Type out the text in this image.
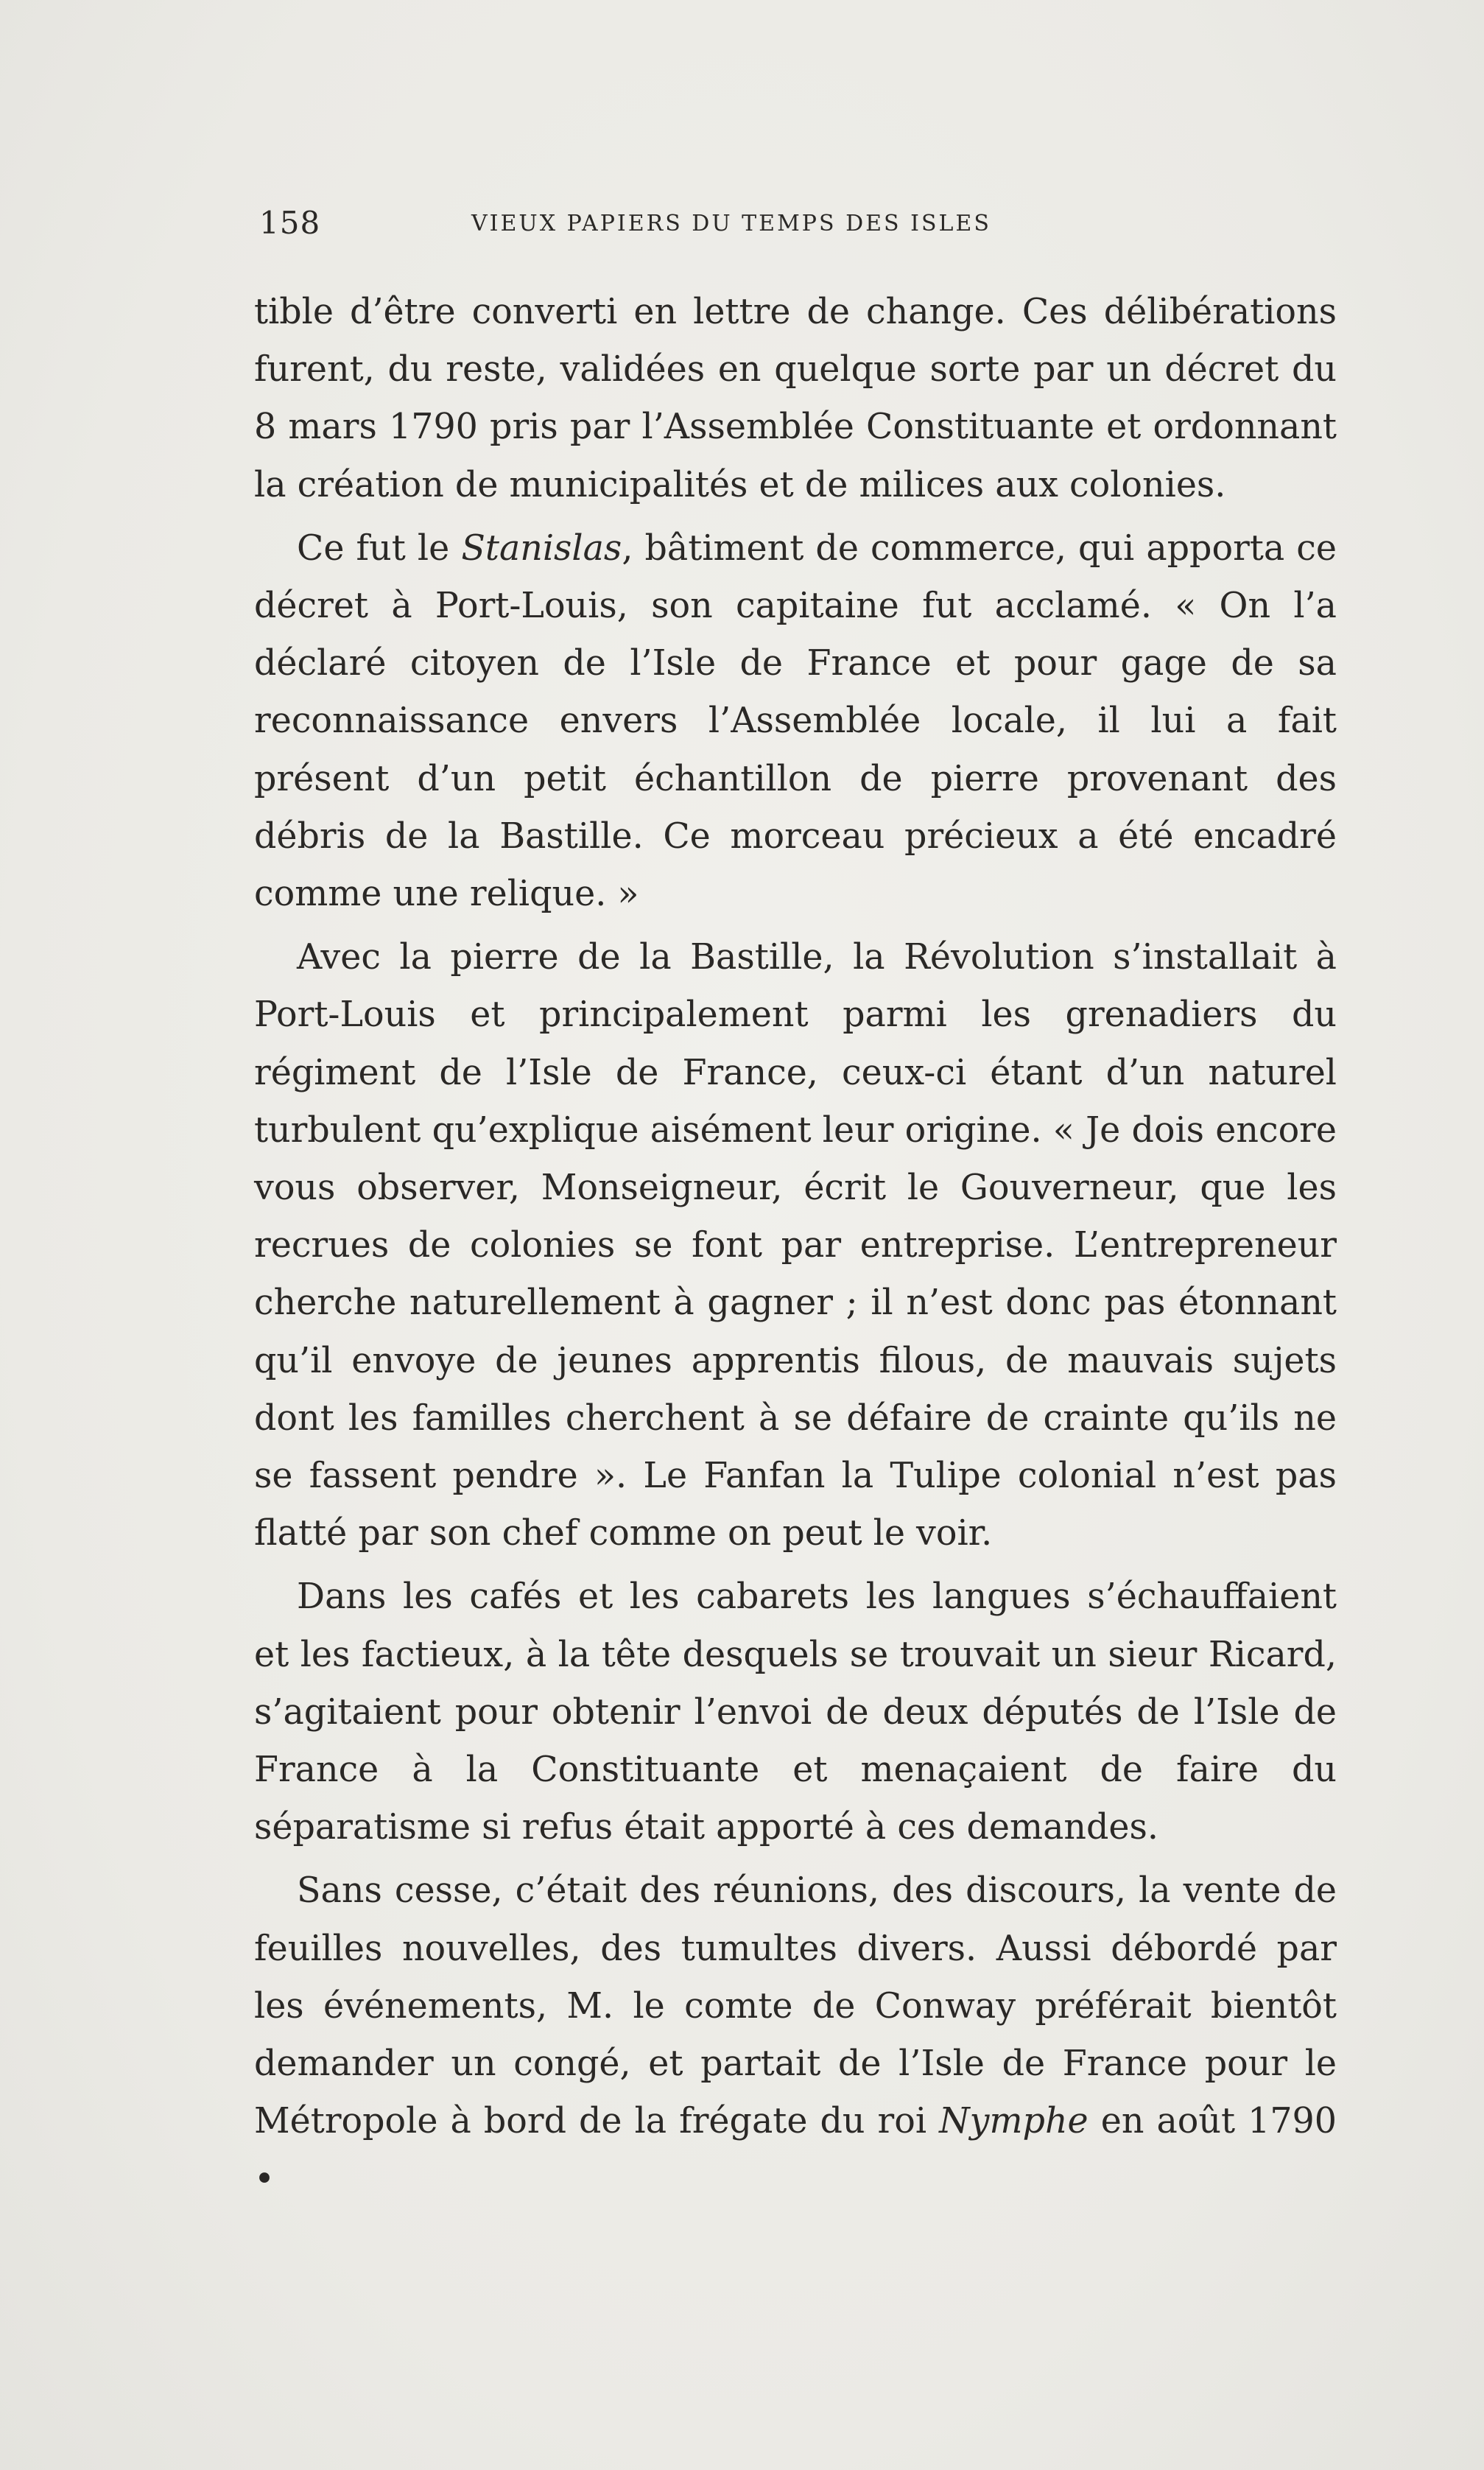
158	VIEUX PAPIERS DU TEMPS DES ISLES

tible d’être converti en lettre de change. Ces délibérations furent, du reste, validées en quelque sorte par un décret du 8 mars 1790 pris par l’Assemblée Constituante et ordonnant la création de municipalités et de milices aux colonies.

Ce fut le Stanislas, bâtiment de commerce, qui apporta ce décret à Port-Louis, son capitaine fut acclamé. « On l’a déclaré citoyen de l’Isle de France et pour gage de sa reconnaissance envers l’Assemblée locale, il lui a fait présent d’un petit échantillon de pierre provenant des débris de la Bastille. Ce morceau précieux a été encadré comme une relique. »

Avec la pierre de la Bastille, la Révolution s’installait à Port-Louis et principalement parmi les grenadiers du régiment de l’Isle de France, ceux-ci étant d’un naturel turbulent qu’explique aisément leur origine. « Je dois encore vous observer, Monseigneur, écrit le Gouverneur, que les recrues de colonies se font par entreprise. L’entrepreneur cherche naturellement à gagner ; il n’est donc pas étonnant qu’il envoye de jeunes apprentis filous, de mauvais sujets dont les familles cherchent à se défaire de crainte qu’ils ne se fassent pendre ». Le Fanfan la Tulipe colonial n’est pas flatté par son chef comme on peut le voir.

Dans les cafés et les cabarets les langues s’échauffaient et les factieux, à la tête desquels se trouvait un sieur Ricard, s’agitaient pour obtenir l’envoi de deux députés de l’Isle de France à la Constituante et menaçaient de faire du séparatisme si refus était apporté à ces demandes.

Sans cesse, c’était des réunions, des discours, la vente de feuilles nouvelles, des tumultes divers. Aussi débordé par les événements, M. le comte de Conway préférait bientôt demander un congé, et partait de l’Isle de France pour le Métropole à bord de la frégate du roi Nymphe en août 1790 •
